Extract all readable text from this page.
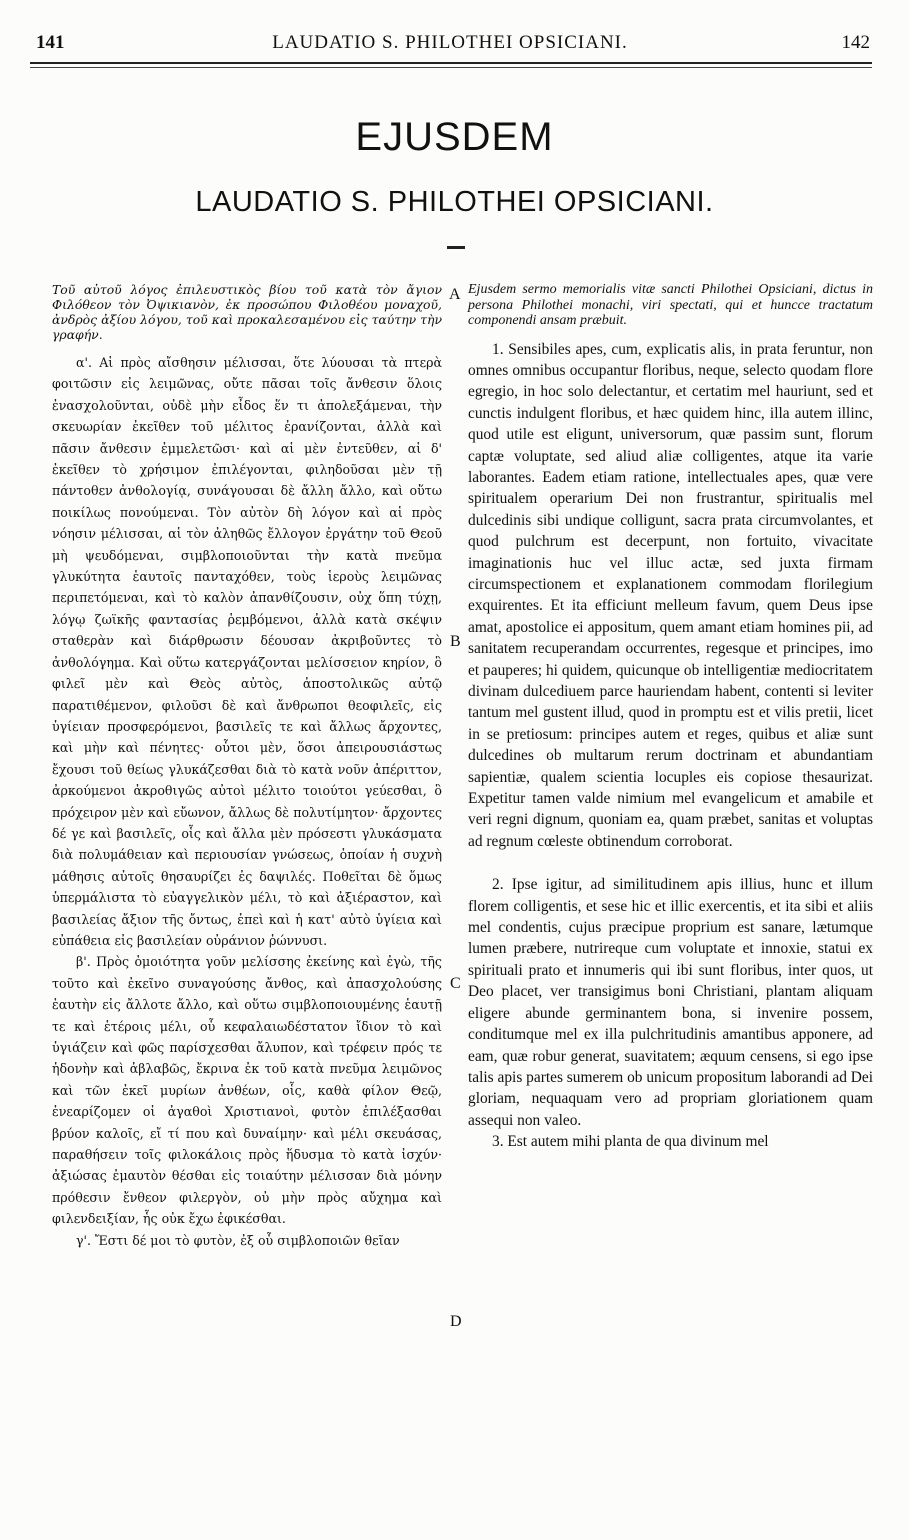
141	LAUDATIO S. PHILOTHEI OPSICIANI.	142
EJUSDEM
LAUDATIO S. PHILOTHEI OPSICIANI.
A
B
C
D
Τοῦ αὐτοῦ λόγος ἐπιλευστικὸς βίου τοῦ κατὰ τὸν ἄγιον Φιλόθεον τὸν Ὀψικιανὸν, ἐκ προσώπου Φιλοθέου μοναχοῦ, ἀνδρὸς ἀξίου λόγου, τοῦ καὶ προκαλεσαμένου εἰς ταύτην τὴν γραφήν.

α'. Αἱ πρὸς αἴσθησιν μέλισσαι, ὅτε λύουσαι τὰ πτερὰ φοιτῶσιν εἰς λειμῶνας, οὔτε πᾶσαι τοῖς ἄνθεσιν ὅλοις ἐνασχολοῦνται, οὐδὲ μὴν εἶδος ἕν τι ἀπολεξάμεναι, τὴν σκευωρίαν ἐκεῖθεν τοῦ μέλιτος ἐρανίζονται, ἀλλὰ καὶ πᾶσιν ἄνθεσιν ἐμμελετῶσι· καὶ αἱ μὲν ἐντεῦθεν, αἱ δ' ἐκεῖθεν τὸ χρήσιμον ἐπιλέγονται, φιληδοῦσαι μὲν τῇ πάντοθεν ἀνθολογίᾳ, συνάγουσαι δὲ ἄλλη ἄλλο, καὶ οὕτω ποικίλως πονούμεναι. Τὸν αὐτὸν δὴ λόγον καὶ αἱ πρὸς νόησιν μέλισσαι, αἱ τὸν ἀληθῶς ἔλλογον ἐργάτην τοῦ Θεοῦ μὴ ψευδόμεναι, σιμβλοποιοῦνται τὴν κατὰ πνεῦμα γλυκύτητα ἑαυτοῖς πανταχόθεν, τοὺς ἱεροὺς λειμῶνας περιπετόμεναι, καὶ τὸ καλὸν ἀπανθίζουσιν, οὐχ ὅπη τύχῃ, λόγῳ ζωϊκῆς φαντασίας ῥεμβόμενοι, ἀλλὰ κατὰ σκέψιν σταθερὰν καὶ διάρθρωσιν δέουσαν ἀκριβοῦντες τὸ ἀνθολόγημα. Καὶ οὕτω κατεργάζονται μελίσσειον κηρίον, ὃ φιλεῖ μὲν καὶ Θεὸς αὐτὸς, ἀποστολικῶς αὐτῷ παρατιθέμενον, φιλοῦσι δὲ καὶ ἄνθρωποι θεοφιλεῖς, εἰς ὑγίειαν προσφερόμενοι, βασιλεῖς τε καὶ ἄλλως ἄρχοντες, καὶ μὴν καὶ πένητες· οὗτοι μὲν, ὅσοι ἀπειρουσιάστως ἔχουσι τοῦ θείως γλυκάζεσθαι διὰ τὸ κατὰ νοῦν ἀπέριττον, ἀρκούμενοι ἀκροθιγῶς αὐτοὶ μέλιτο τοιούτοι γεύεσθαι, ὃ πρόχειρον μὲν καὶ εὔωνον, ἄλλως δὲ πολυτίμητον· ἄρχοντες δέ γε καὶ βασιλεῖς, οἷς καὶ ἄλλα μὲν πρόσεστι γλυκάσματα διὰ πολυμάθειαν καὶ περιουσίαν γνώσεως, ὁποίαν ἡ συχνὴ μάθησις αὐτοῖς θησαυρίζει ἐς δαψιλές. Ποθεῖται δὲ ὅμως ὑπερμάλιστα τὸ εὐαγγελικὸν μέλι, τὸ καὶ ἀξιέραστον, καὶ βασιλείας ἄξιον τῆς ὄντως, ἐπεὶ καὶ ἡ κατ' αὐτὸ ὑγίεια καὶ εὐπάθεια εἰς βασιλείαν οὐράνιον ῥώννυσι.

β'. Πρὸς ὁμοιότητα γοῦν μελίσσης ἐκείνης καὶ ἐγὼ, τῆς τοῦτο καὶ ἐκεῖνο συναγούσης ἄνθος, καὶ ἀπασχολούσης ἑαυτὴν εἰς ἄλλοτε ἄλλο, καὶ οὕτω σιμβλοποιουμένης ἑαυτῇ τε καὶ ἑτέροις μέλι, οὗ κεφαλαιωδέστατον ἴδιον τὸ καὶ ὑγιάζειν καὶ φῶς παρίσχεσθαι ἄλυπον, καὶ τρέφειν πρός τε ἡδονὴν καὶ ἀβλαβῶς, ἔκρινα ἐκ τοῦ κατὰ πνεῦμα λειμῶνος καὶ τῶν ἐκεῖ μυρίων ἀνθέων, οἷς, καθὰ φίλον Θεῷ, ἐνεαρίζομεν οἱ ἀγαθοὶ Χριστιανοὶ, φυτὸν ἐπιλέξασθαι βρύον καλοῖς, εἴ τί που καὶ δυναίμην· καὶ μέλι σκευάσας, παραθήσειν τοῖς φιλοκάλοις πρὸς ἥδυσμα τὸ κατὰ ἰσχύν· ἀξιώσας ἐμαυτὸν θέσθαι εἰς τοιαύτην μέλισσαν διὰ μόνην πρόθεσιν ἔνθεον φιλεργὸν, οὐ μὴν πρὸς αὔχημα καὶ φιλενδειξίαν, ἧς οὐκ ἔχω ἐφικέσθαι.

γ'. Ἔστι δέ μοι τὸ φυτὸν, ἐξ οὗ σιμβλοποιῶν θεῖαν

Ejusdem sermo memorialis vitæ sancti Philothei Opsiciani, dictus in persona Philothei monachi, viri spectati, qui et huncce tractatum componendi ansam præbuit.

1. Sensibiles apes, cum, explicatis alis, in prata feruntur, non omnes omnibus occupantur floribus, neque, selecto quodam flore egregio, in hoc solo delectantur, et certatim mel hauriunt, sed et cunctis indulgent floribus, et hæc quidem hinc, illa autem illinc, quod utile est eligunt, universorum, quæ passim sunt, florum captæ voluptate, sed aliud aliæ colligentes, atque ita varie laborantes. Eadem etiam ratione, intellectuales apes, quæ vere spiritualem operarium Dei non frustrantur, spiritualis mel dulcedinis sibi undique colligunt, sacra prata circumvolantes, et quod pulchrum est decerpunt, non fortuito, vivacitate imaginationis huc vel illuc actæ, sed juxta firmam circumspectionem et explanationem commodam florilegium exquirentes. Et ita efficiunt melleum favum, quem Deus ipse amat, apostolice ei appositum, quem amant etiam homines pii, ad sanitatem recuperandam occurrentes, regesque et principes, imo et pauperes; hi quidem, quicunque ob intelligentiæ mediocritatem divinam dulcediuem parce hauriendam habent, contenti si leviter tantum mel gustent illud, quod in promptu est et vilis pretii, licet in se pretiosum: principes autem et reges, quibus et aliæ sunt dulcedines ob multarum rerum doctrinam et abundantiam sapientiæ, qualem scientia locuples eis copiose thesaurizat. Expetitur tamen valde nimium mel evangelicum et amabile et veri regni dignum, quoniam ea, quam præbet, sanitas et voluptas ad regnum cœleste obtinendum corroborat.

2. Ipse igitur, ad similitudinem apis illius, hunc et illum florem colligentis, et sese hic et illic exercentis, et ita sibi et aliis mel condentis, cujus præcipue proprium est sanare, lætumque lumen præbere, nutrireque cum voluptate et innoxie, statui ex spirituali prato et innumeris qui ibi sunt floribus, inter quos, ut Deo placet, ver transigimus boni Christiani, plantam aliquam eligere abunde germinantem bona, si invenire possem, conditumque mel ex illa pulchritudinis amantibus apponere, ad eam, quæ robur generat, suavitatem; æquum censens, si ego ipse talis apis partes sumerem ob unicum propositum laborandi ad Dei gloriam, nequaquam vero ad propriam gloriationem quam assequi non valeo.

3. Est autem mihi planta de qua divinum mel
